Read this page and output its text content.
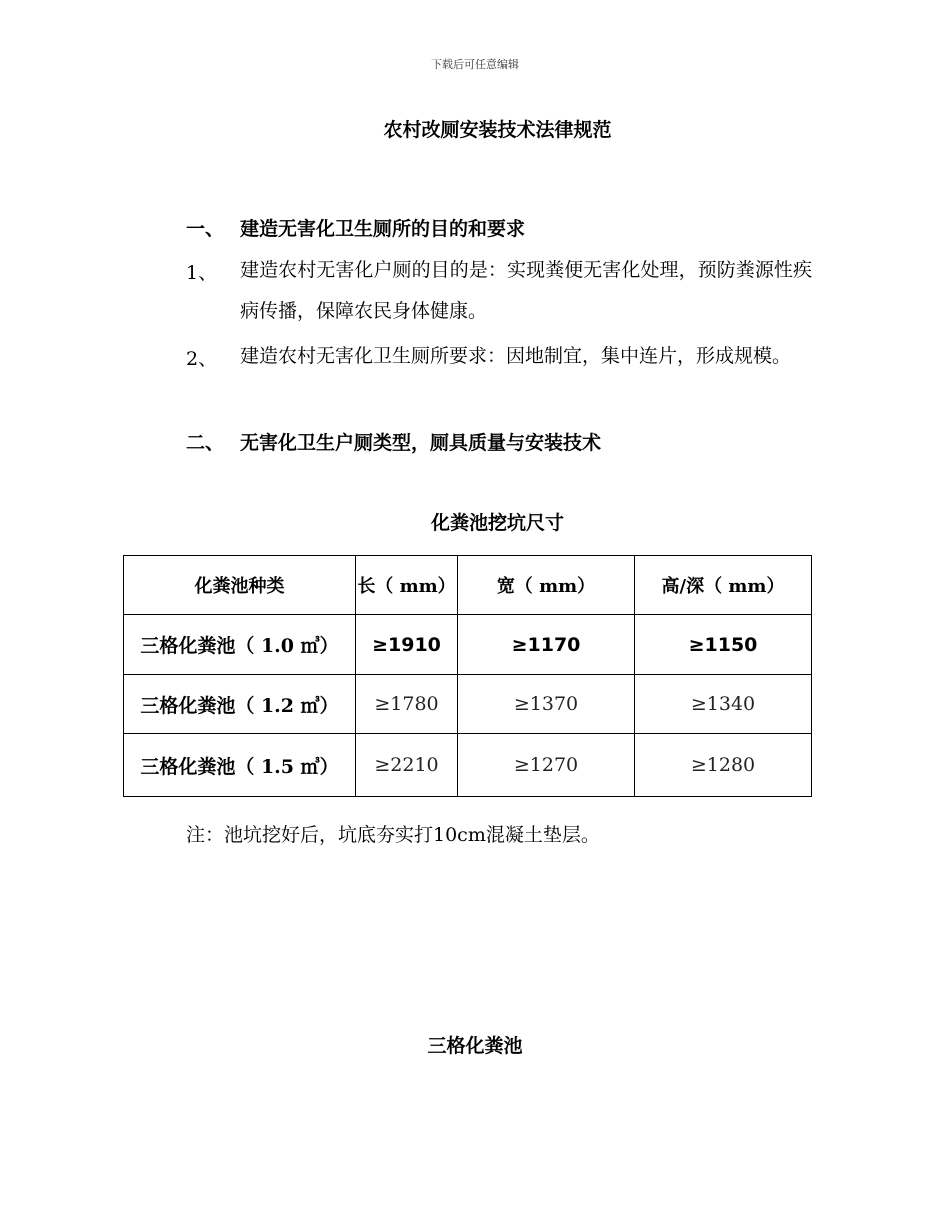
下载后可任意编辑
农村改厕安装技术法律规范
一、 建造无害化卫生厕所的目的和要求
1、	建造农村无害化户厕的目的是：实现粪便无害化处理，预防粪源性疾病传播，保障农民身体健康。
2、	建造农村无害化卫生厕所要求：因地制宜，集中连片，形成规模。
二、 无害化卫生户厕类型，厕具质量与安装技术
化粪池挖坑尺寸
化粪池种类	长（ mm）	宽（ mm）	高/深（ mm）
三格化粪池（ 1.0 ㎥）	≥1910	≥1170	≥1150
三格化粪池（ 1.2 ㎥）	≥1780	≥1370	≥1340
三格化粪池（ 1.5 ㎥）	≥2210	≥1270	≥1280
注：池坑挖好后，坑底夯实打10cm混凝土垫层。
三格化粪池
